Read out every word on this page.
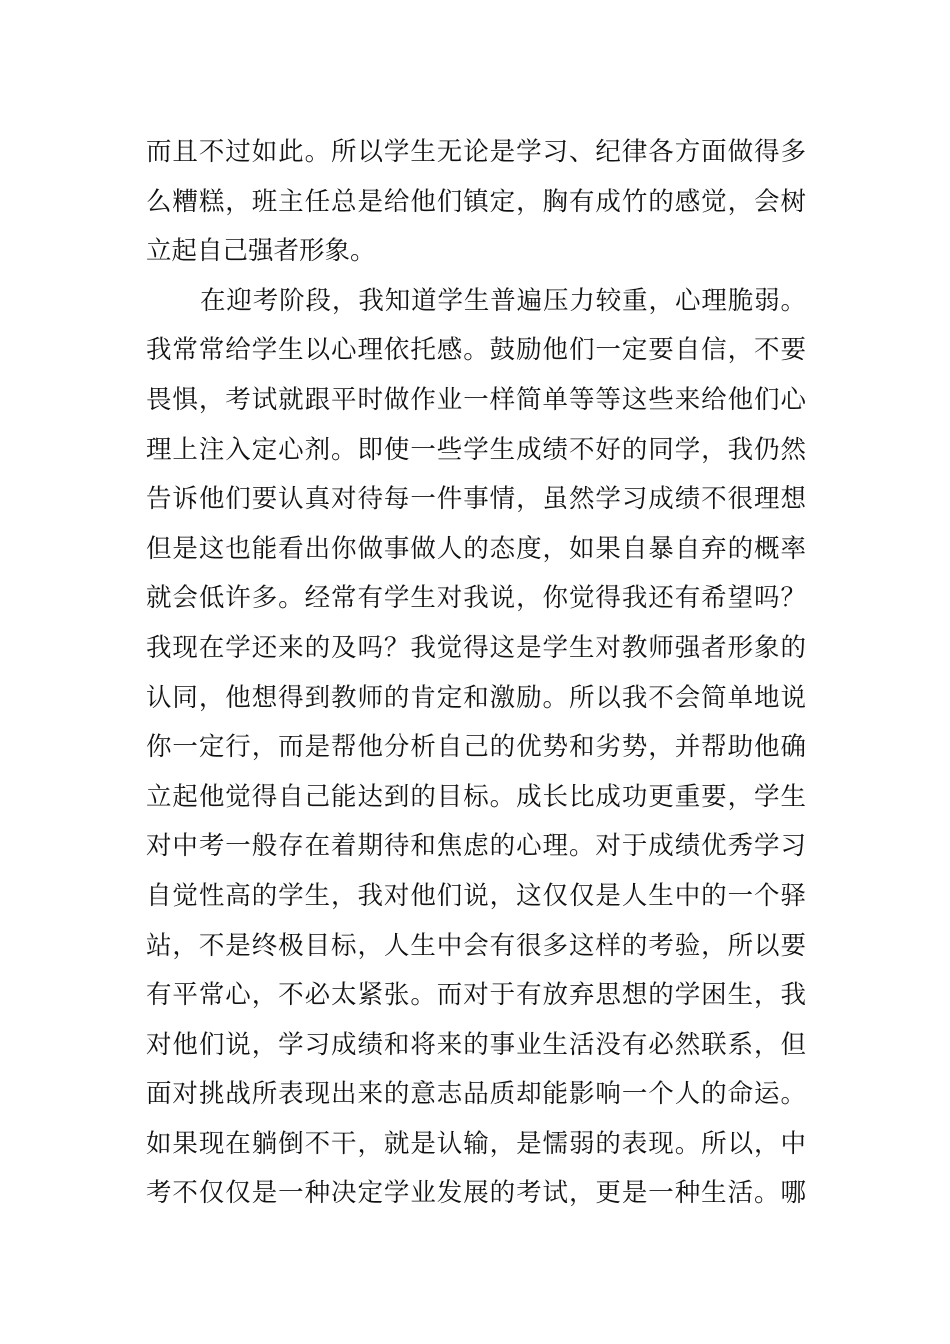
而且不过如此。所以学生无论是学习、纪律各方面做得多
么糟糕，班主任总是给他们镇定，胸有成竹的感觉，会树
立起自己强者形象。
在迎考阶段，我知道学生普遍压力较重，心理脆弱。
我常常给学生以心理依托感。鼓励他们一定要自信，不要
畏惧，考试就跟平时做作业一样简单等等这些来给他们心
理上注入定心剂。即使一些学生成绩不好的同学，我仍然
告诉他们要认真对待每一件事情，虽然学习成绩不很理想
但是这也能看出你做事做人的态度，如果自暴自弃的概率
就会低许多。经常有学生对我说，你觉得我还有希望吗？
我现在学还来的及吗？我觉得这是学生对教师强者形象的
认同，他想得到教师的肯定和激励。所以我不会简单地说
你一定行，而是帮他分析自己的优势和劣势，并帮助他确
立起他觉得自己能达到的目标。成长比成功更重要，学生
对中考一般存在着期待和焦虑的心理。对于成绩优秀学习
自觉性高的学生，我对他们说，这仅仅是人生中的一个驿
站，不是终极目标，人生中会有很多这样的考验，所以要
有平常心，不必太紧张。而对于有放弃思想的学困生，我
对他们说，学习成绩和将来的事业生活没有必然联系，但
面对挑战所表现出来的意志品质却能影响一个人的命运。
如果现在躺倒不干，就是认输，是懦弱的表现。所以，中
考不仅仅是一种决定学业发展的考试，更是一种生活。哪
